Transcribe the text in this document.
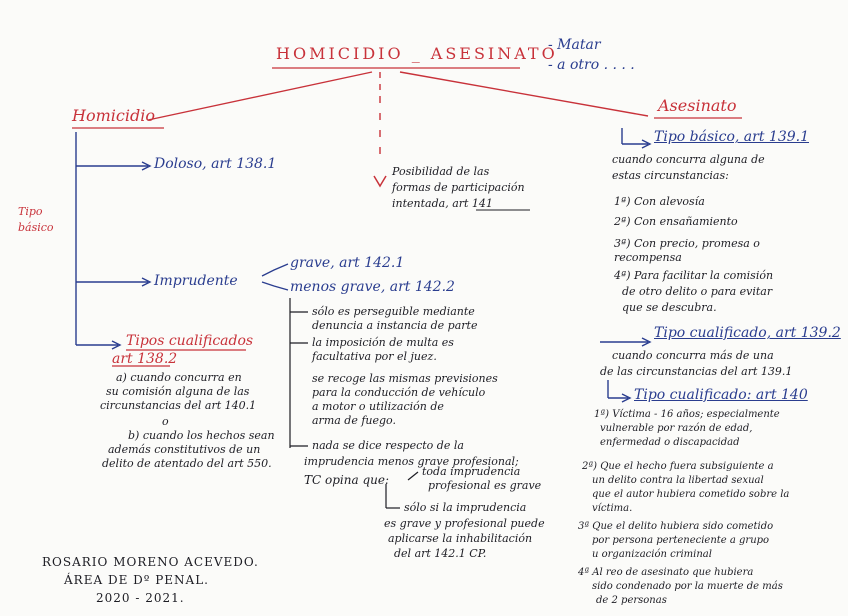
HOMICIDIO _ ASESINATO
- Matar
- a otro . . . .
Homicidio
Tipo
básico
Doloso, art 138.1
Imprudente
grave, art 142.1
menos grave, art 142.2
sólo es perseguible mediante
denuncia a instancia de parte
la imposición de multa es
facultativa por el juez.
se recoge las mismas previsiones
para la conducción de vehículo
a motor o utilización de
arma de fuego.
nada se dice respecto de la
imprudencia menos grave profesional;
TC opina que:
toda imprudencia
profesional es grave
sólo si la imprudencia
es grave y profesional puede
aplicarse la inhabilitación
del art 142.1 CP.
Tipos cualificados
art 138.2
a) cuando concurra en
su comisión alguna de las
circunstancias del art 140.1
o
b) cuando los hechos sean
además constitutivos de un
delito de atentado del art 550.
Posibilidad de las
formas de participación
intentada, art 141
Asesinato
Tipo básico, art 139.1
cuando concurra alguna de
estas circunstancias:
1ª) Con alevosía
2ª) Con ensañamiento
3ª) Con precio, promesa o
recompensa
4ª) Para facilitar la comisión
de otro delito o para evitar
que se descubra.
Tipo cualificado, art 139.2
cuando concurra más de una
de las circunstancias del art 139.1
Tipo cualificado: art 140
1ª) Víctima - 16 años; especialmente
vulnerable por razón de edad,
enfermedad o discapacidad
2ª) Que el hecho fuera subsiguiente a
un delito contra la libertad sexual
que el autor hubiera cometido sobre la
víctima.
3ª Que el delito hubiera sido cometido
por persona perteneciente a grupo
u organización criminal
4ª Al reo de asesinato que hubiera
sido condenado por la muerte de más
de 2 personas
ROSARIO MORENO ACEVEDO.
ÁREA DE Dº PENAL.
2020 - 2021.
